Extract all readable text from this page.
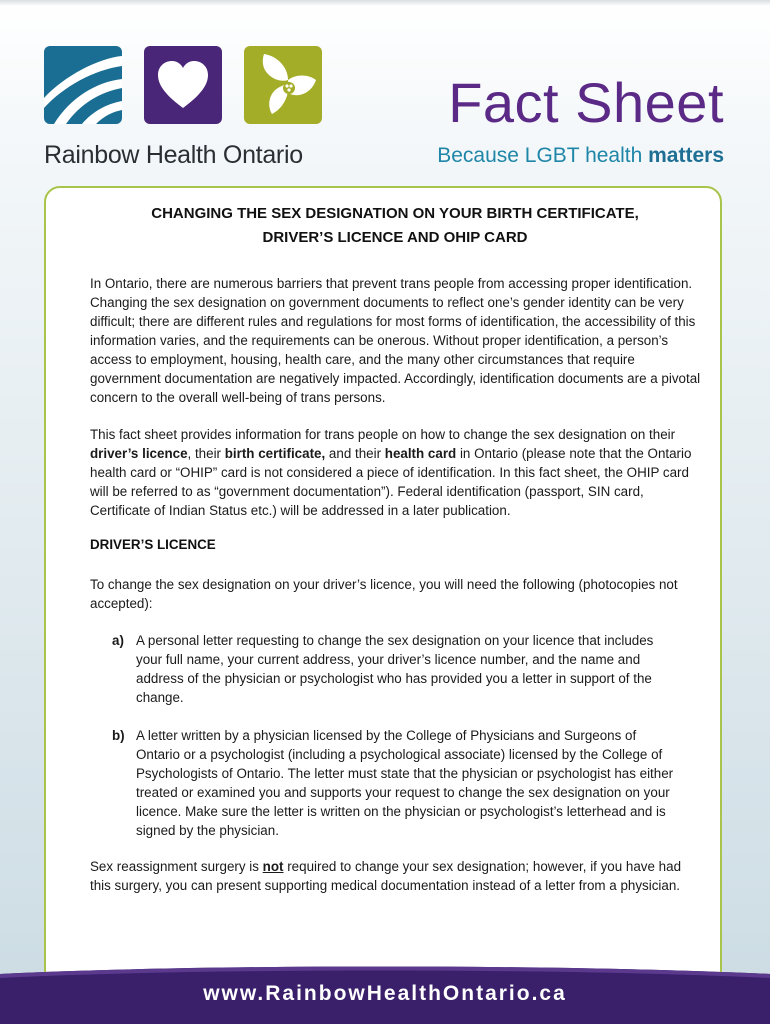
Rainbow Health Ontario
Fact Sheet
Because LGBT health matters
CHANGING THE SEX DESIGNATION ON YOUR BIRTH CERTIFICATE,
DRIVER’S LICENCE AND OHIP CARD
In Ontario, there are numerous barriers that prevent trans people from accessing proper identification. Changing the sex designation on government documents to reflect one’s gender identity can be very difficult; there are different rules and regulations for most forms of identification, the accessibility of this information varies, and the requirements can be onerous. Without proper identification, a person’s access to employment, housing, health care, and the many other circumstances that require government documentation are negatively impacted. Accordingly, identification documents are a pivotal concern to the overall well-being of trans persons.
This fact sheet provides information for trans people on how to change the sex designation on their driver’s licence, their birth certificate, and their health card in Ontario (please note that the Ontario health card or “OHIP” card is not considered a piece of identification. In this fact sheet, the OHIP card will be referred to as “government documentation”). Federal identification (passport, SIN card, Certificate of Indian Status etc.) will be addressed in a later publication.
DRIVER’S LICENCE
To change the sex designation on your driver’s licence, you will need the following (photocopies not accepted):
a) A personal letter requesting to change the sex designation on your licence that includes your full name, your current address, your driver’s licence number, and the name and address of the physician or psychologist who has provided you a letter in support of the change.
b) A letter written by a physician licensed by the College of Physicians and Surgeons of Ontario or a psychologist (including a psychological associate) licensed by the College of Psychologists of Ontario. The letter must state that the physician or psychologist has either treated or examined you and supports your request to change the sex designation on your licence. Make sure the letter is written on the physician or psychologist’s letterhead and is signed by the physician.
Sex reassignment surgery is not required to change your sex designation; however, if you have had this surgery, you can present supporting medical documentation instead of a letter from a physician.
www.RainbowHealthOntario.ca
